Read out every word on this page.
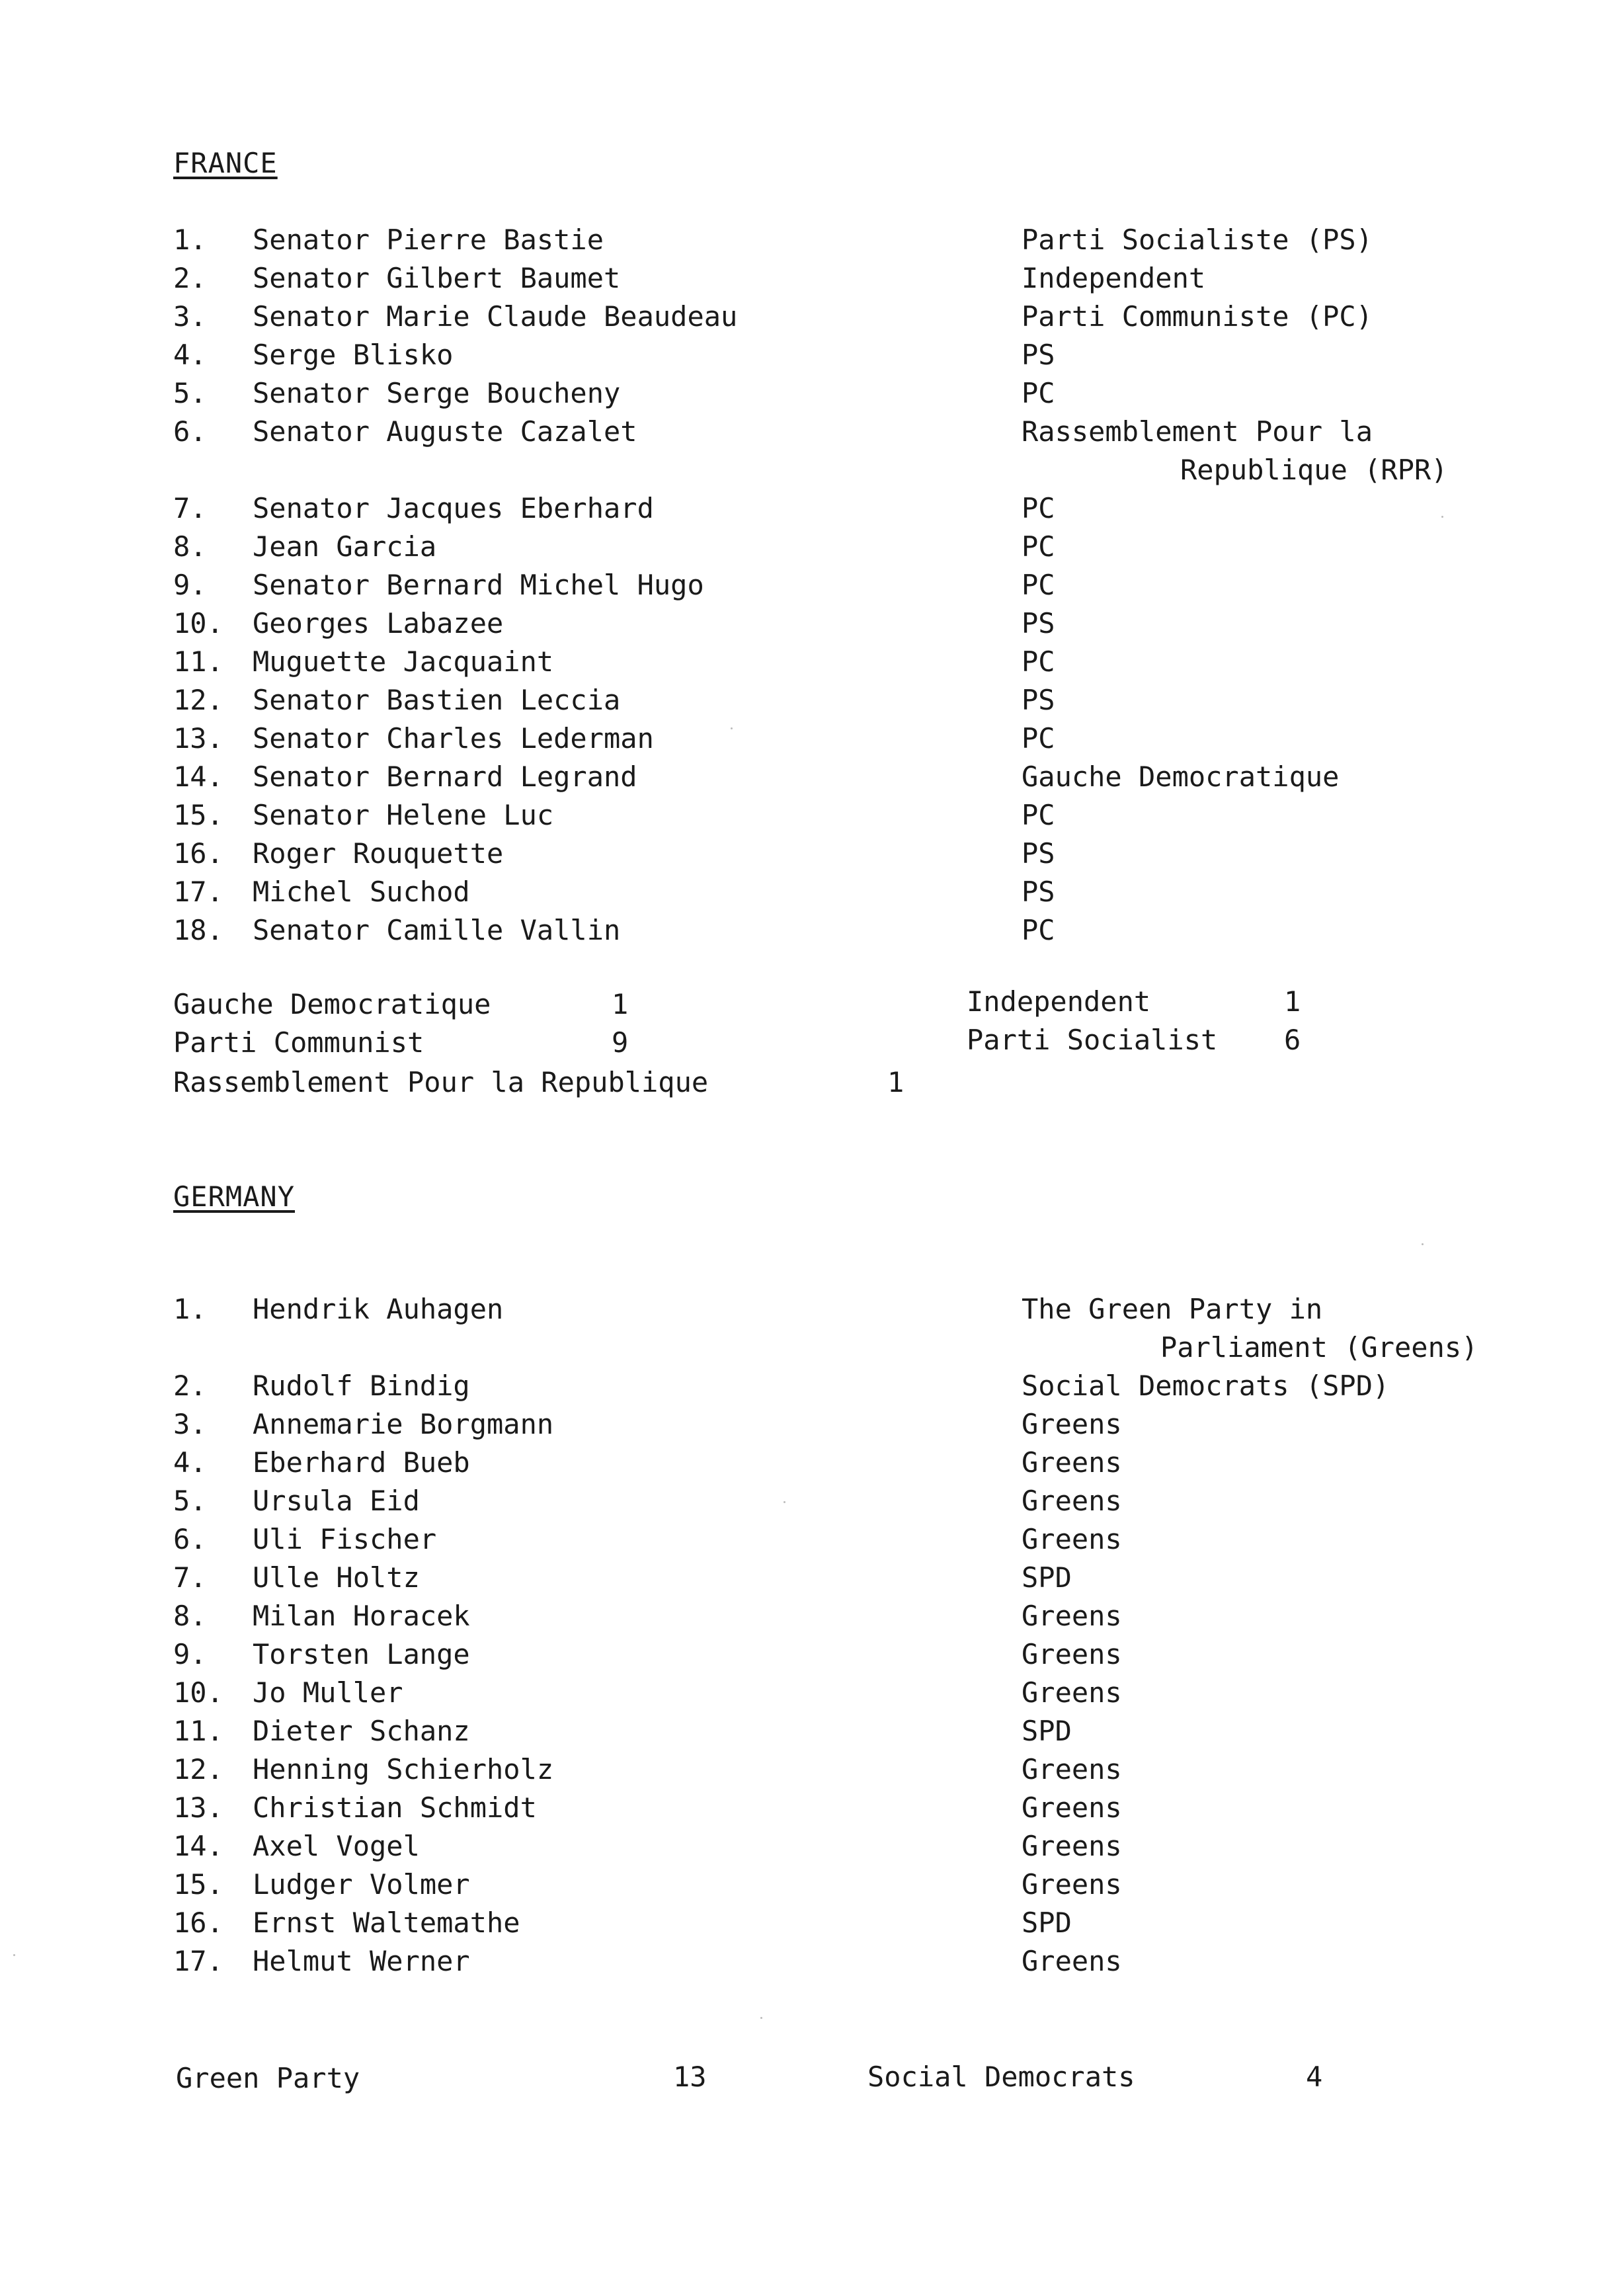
FRANCE
1. Senator Pierre Bastie	Parti Socialiste (PS)
2. Senator Gilbert Baumet	Independent
3. Senator Marie Claude Beaudeau	Parti Communiste (PC)
4. Serge Blisko	PS
5. Senator Serge Boucheny	PC
6. Senator Auguste Cazalet	Rassemblement Pour la
Republique (RPR)
7. Senator Jacques Eberhard	PC
8. Jean Garcia	PC
9. Senator Bernard Michel Hugo	PC
10. Georges Labazee	PS
11. Muguette Jacquaint	PC
12. Senator Bastien Leccia	PS
13. Senator Charles Lederman	PC
14. Senator Bernard Legrand	Gauche Democratique
15. Senator Helene Luc	PC
16. Roger Rouquette	PS
17. Michel Suchod	PS
18. Senator Camille Vallin	PC
Gauche Democratique	1	Independent	1
Parti Communist	9	Parti Socialist 6
Rassemblement Pour la Republique	1
GERMANY
1. Hendrik Auhagen	The Green Party in
Parliament (Greens)
2. Rudolf Bindig	Social Democrats (SPD)
3. Annemarie Borgmann	Greens
4. Eberhard Bueb	Greens
5. Ursula Eid	Greens
6. Uli Fischer	Greens
7. Ulle Holtz	SPD
8. Milan Horacek	Greens
9. Torsten Lange	Greens
10. Jo Muller	Greens
11. Dieter Schanz	SPD
12. Henning Schierholz	Greens
13. Christian Schmidt	Greens
14. Axel Vogel	Greens
15. Ludger Volmer	Greens
16. Ernst Waltemathe	SPD
17. Helmut Werner	Greens
Green Party	13	Social Democrats	4
